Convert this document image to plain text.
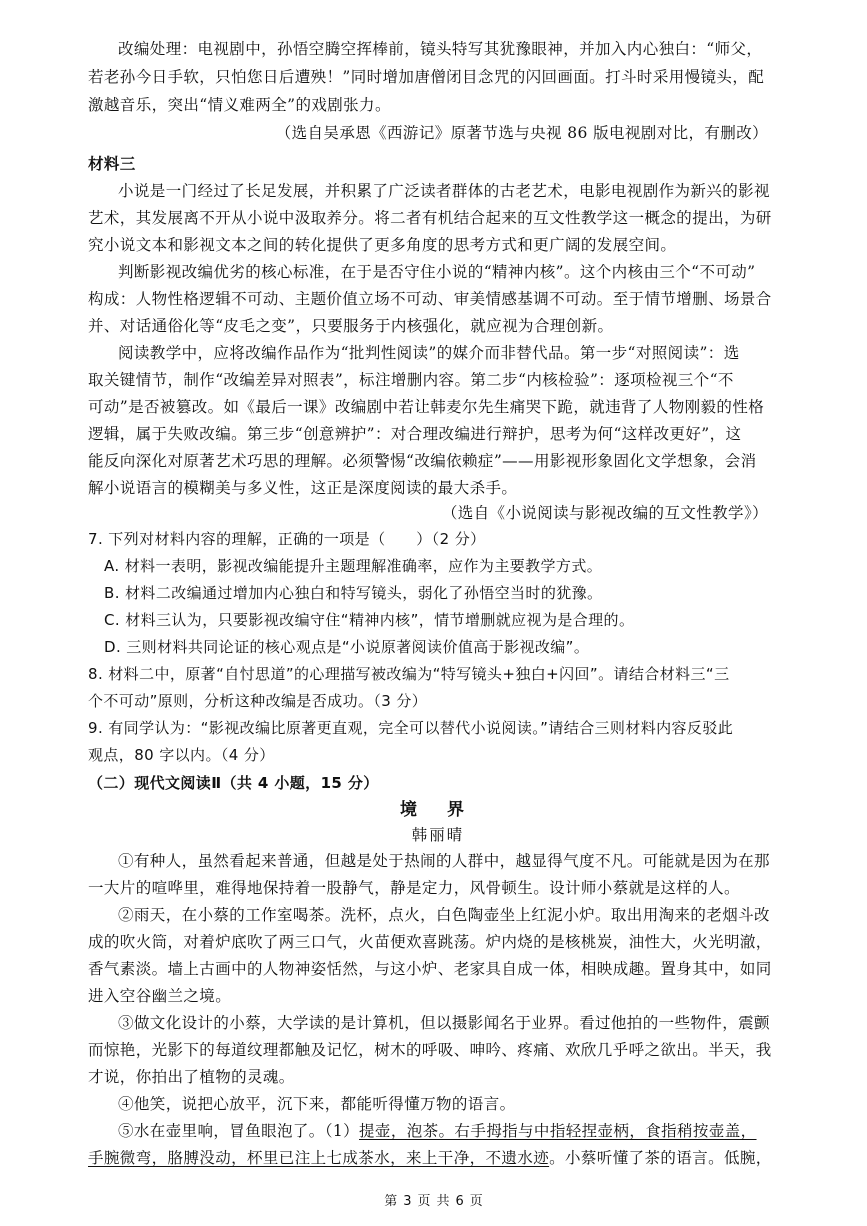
改编处理：电视剧中，孙悟空腾空挥棒前，镜头特写其犹豫眼神，并加入内心独白：“师父，
若老孙今日手软，只怕您日后遭殃！”同时增加唐僧闭目念咒的闪回画面。打斗时采用慢镜头，配
激越音乐，突出“情义难两全”的戏剧张力。
（选自吴承恩《西游记》原著节选与央视 86 版电视剧对比，有删改）
材料三
小说是一门经过了长足发展，并积累了广泛读者群体的古老艺术，电影电视剧作为新兴的影视
艺术，其发展离不开从小说中汲取养分。将二者有机结合起来的互文性教学这一概念的提出，为研
究小说文本和影视文本之间的转化提供了更多角度的思考方式和更广阔的发展空间。
判断影视改编优劣的核心标准，在于是否守住小说的“精神内核”。这个内核由三个“不可动”
构成：人物性格逻辑不可动、主题价值立场不可动、审美情感基调不可动。至于情节增删、场景合
并、对话通俗化等“皮毛之变”，只要服务于内核强化，就应视为合理创新。
阅读教学中，应将改编作品作为“批判性阅读”的媒介而非替代品。第一步“对照阅读”：选
取关键情节，制作“改编差异对照表”，标注增删内容。第二步“内核检验”：逐项检视三个“不
可动”是否被篡改。如《最后一课》改编剧中若让韩麦尔先生痛哭下跪，就违背了人物刚毅的性格
逻辑，属于失败改编。第三步“创意辨护”：对合理改编进行辩护，思考为何“这样改更好”，这
能反向深化对原著艺术巧思的理解。必须警惕“改编依赖症”——用影视形象固化文学想象，会消
解小说语言的模糊美与多义性，这正是深度阅读的最大杀手。
（选自《小说阅读与影视改编的互文性教学》）
7. 下列对材料内容的理解，正确的一项是（　　）（2 分）
A. 材料一表明，影视改编能提升主题理解准确率，应作为主要教学方式。
B. 材料二改编通过增加内心独白和特写镜头，弱化了孙悟空当时的犹豫。
C. 材料三认为，只要影视改编守住“精神内核”，情节增删就应视为是合理的。
D. 三则材料共同论证的核心观点是“小说原著阅读价值高于影视改编”。
8. 材料二中，原著“自忖思道”的心理描写被改编为“特写镜头+独白+闪回”。请结合材料三“三
个不可动”原则，分析这种改编是否成功。（3 分）
9. 有同学认为：“影视改编比原著更直观，完全可以替代小说阅读。”请结合三则材料内容反驳此
观点，80 字以内。（4 分）
（二）现代文阅读Ⅱ（共 4 小题，15 分）
境 界
韩丽晴
①有种人，虽然看起来普通，但越是处于热闹的人群中，越显得气度不凡。可能就是因为在那
一大片的喧哗里，难得地保持着一股静气，静是定力，风骨顿生。设计师小蔡就是这样的人。
②雨天，在小蔡的工作室喝茶。洗杯，点火，白色陶壶坐上红泥小炉。取出用淘来的老烟斗改
成的吹火筒，对着炉底吹了两三口气，火苗便欢喜跳荡。炉内烧的是核桃炭，油性大，火光明澈，
香气素淡。墙上古画中的人物神姿恬然，与这小炉、老家具自成一体，相映成趣。置身其中，如同
进入空谷幽兰之境。
③做文化设计的小蔡，大学读的是计算机，但以摄影闻名于业界。看过他拍的一些物件，震颤
而惊艳，光影下的每道纹理都触及记忆，树木的呼吸、呻吟、疼痛、欢欣几乎呼之欲出。半天，我
才说，你拍出了植物的灵魂。
④他笑，说把心放平，沉下来，都能听得懂万物的语言。
⑤水在壶里响，冒鱼眼泡了。（1）提壶，泡茶。右手拇指与中指轻捏壶柄，食指稍按壶盖，
手腕微弯，胳膊没动，杯里已注上七成茶水，来上干净，不遗水迹。小蔡听懂了茶的语言。低腕，
第 3 页 共 6 页
